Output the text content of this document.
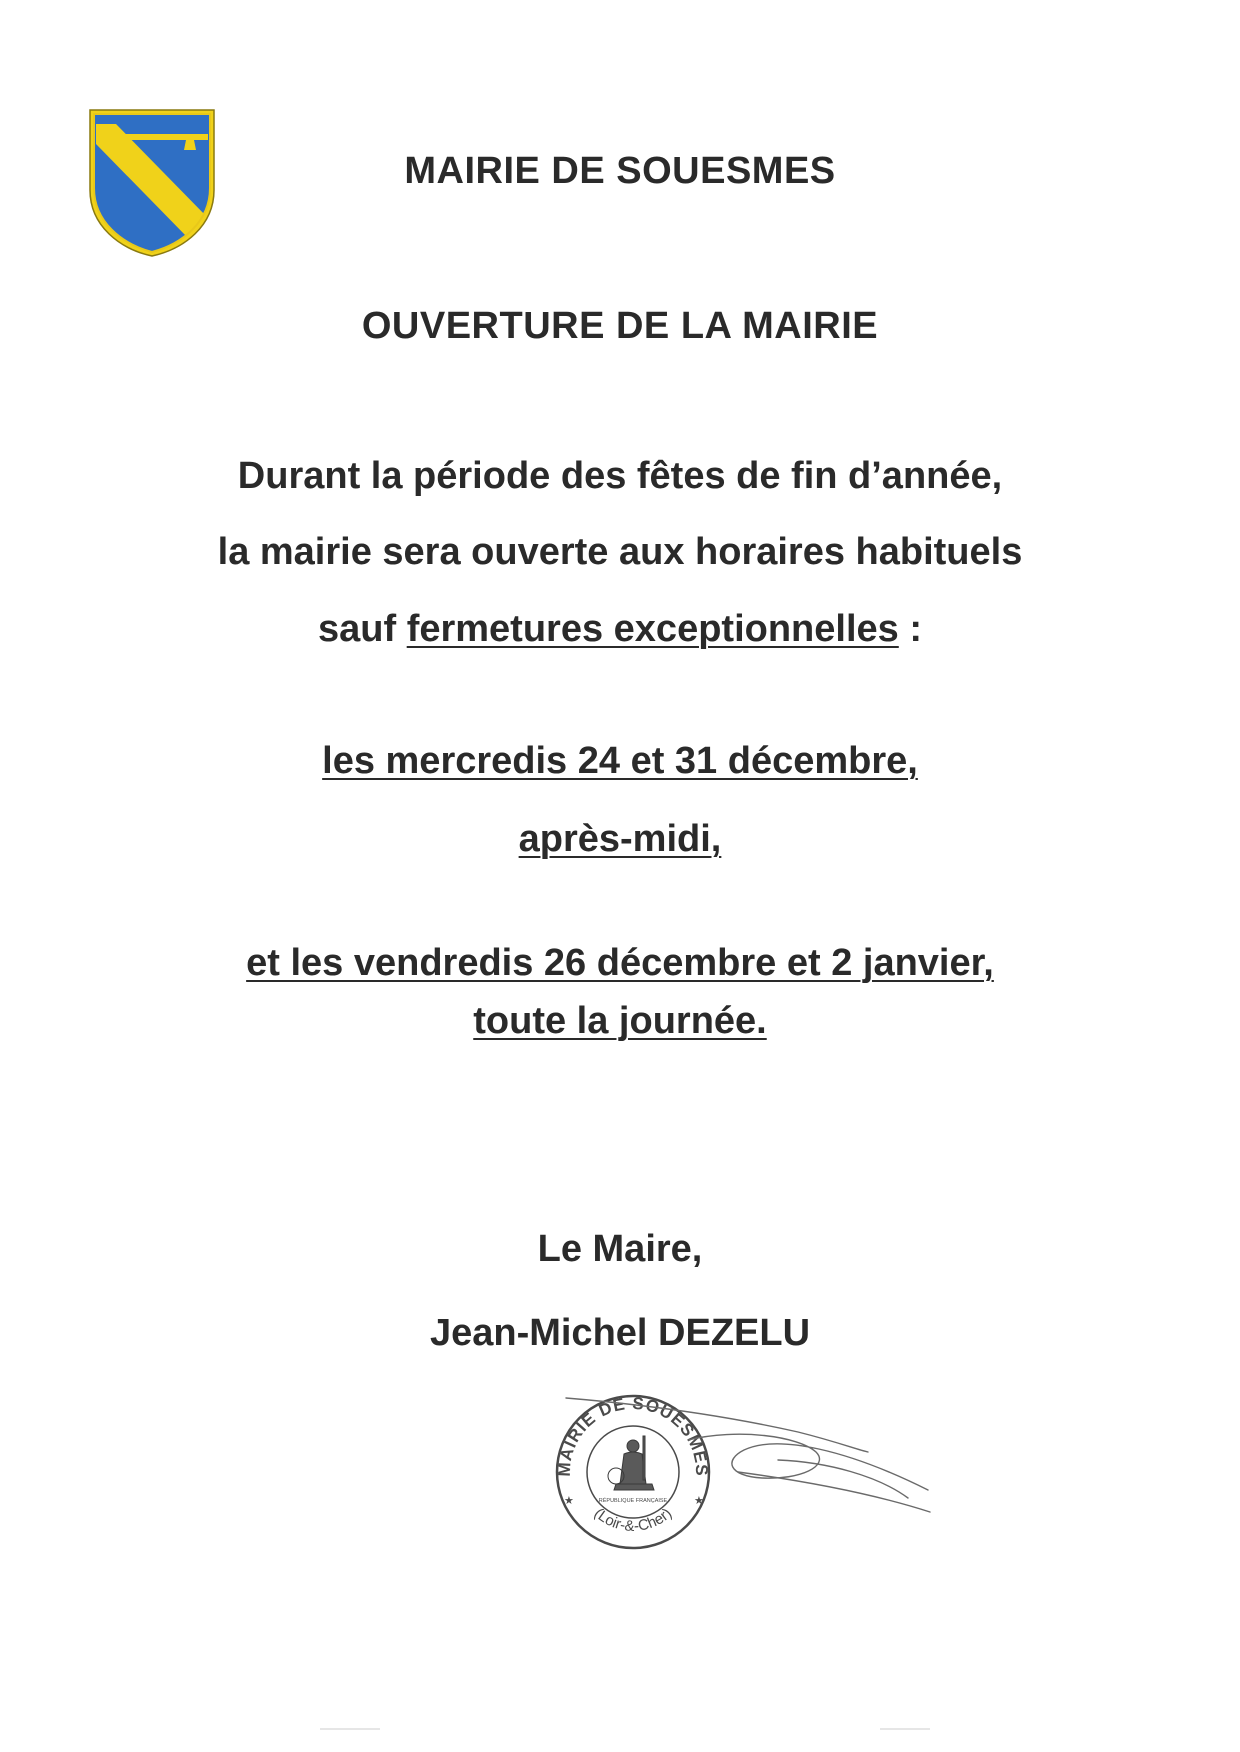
MAIRIE DE SOUESMES
OUVERTURE DE LA MAIRIE
Durant la période des fêtes de fin d’année,
la mairie sera ouverte aux horaires habituels
sauf fermetures exceptionnelles :
les mercredis 24 et 31 décembre,
après-midi,
et les vendredis 26 décembre et 2 janvier,
toute la journée.
Le Maire,
Jean-Michel DEZELU
MAIRIE DE SOUESMES
(Loir-&-Cher)
★	★
RÉPUBLIQUE FRANÇAISE
